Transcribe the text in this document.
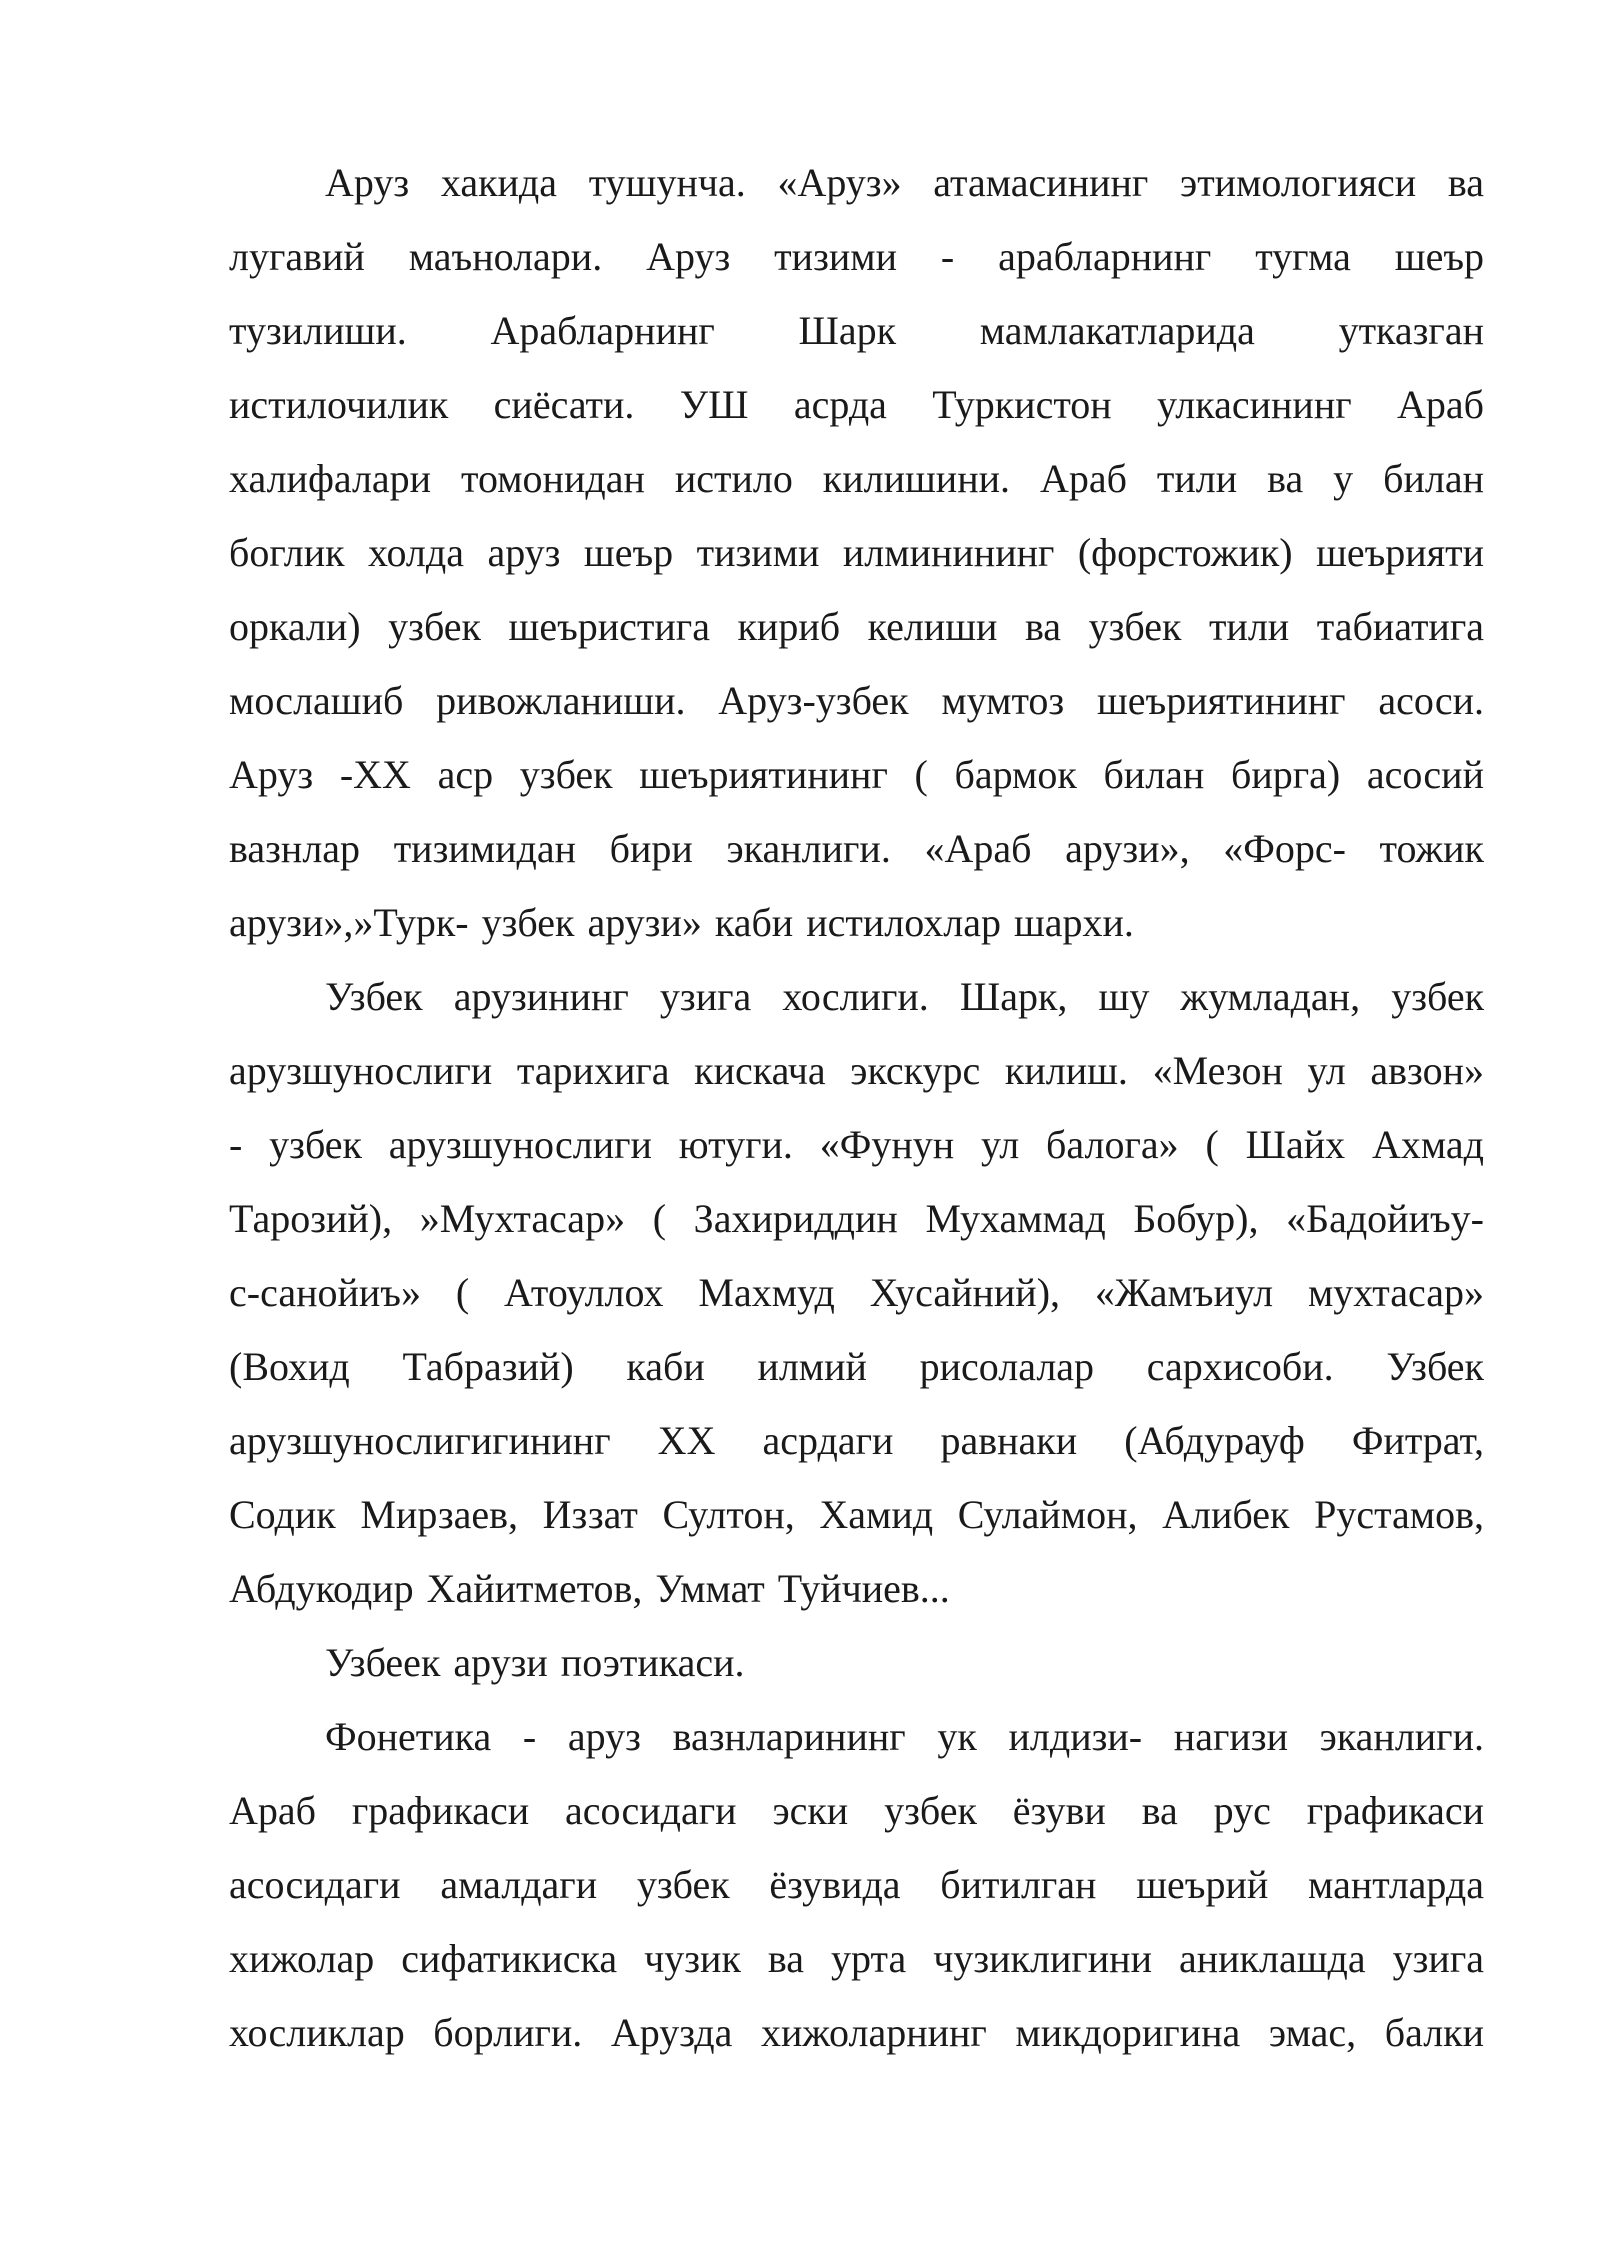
Аруз хакида тушунча. «Аруз» атамасининг этимологияси ва
лугавий маънолари. Аруз тизими - арабларнинг тугма шеър
тузилиши. Арабларнинг Шарк мамлакатларида утказган
истилочилик сиёсати. УШ асрда Туркистон улкасининг Араб
халифалари томонидан истило килишини. Араб тили ва у билан
боглик холда аруз шеър тизими илминининг (форстожик) шеърияти
оркали) узбек шеъристига кириб келиши ва узбек тили табиатига
мослашиб ривожланиши. Аруз-узбек мумтоз шеъриятининг асоси.
Аруз -XX аср узбек шеъриятининг ( бармок билан бирга) асосий
вазнлар тизимидан бири эканлиги. «Араб арузи», «Форс- тожик
арузи»,»Турк- узбек арузи» каби истилохлар шархи.
Узбек арузининг узига хослиги. Шарк, шу жумладан, узбек
арузшунослиги тарихига кискача экскурс килиш. «Мезон ул авзон»
- узбек арузшунослиги ютуги. «Фунун ул балога» ( Шайх Ахмад
Тарозий), »Мухтасар» ( Захириддин Мухаммад Бобур), «Бадойиъу-
с-санойиъ» ( Атоуллох Махмуд Хусайний), «Жамъиул мухтасар»
(Вохид Табразий) каби илмий рисолалар сархисоби. Узбек
арузшунослигигининг XX асрдаги равнаки (Абдурауф Фитрат,
Содик Мирзаев, Иззат Султон, Хамид Сулаймон, Алибек Рустамов,
Абдукодир Хайитметов, Уммат Туйчиев...
Узбеек арузи поэтикаси.
Фонетика - аруз вазнларининг ук илдизи- нагизи эканлиги.
Араб графикаси асосидаги эски узбек ёзуви ва рус графикаси
асосидаги амалдаги узбек ёзувида битилган шеърий мантларда
хижолар сифатикиска чузик ва урта чузиклигини аниклашда узига
хосликлар борлиги. Арузда хижоларнинг микдоригина эмас, балки
